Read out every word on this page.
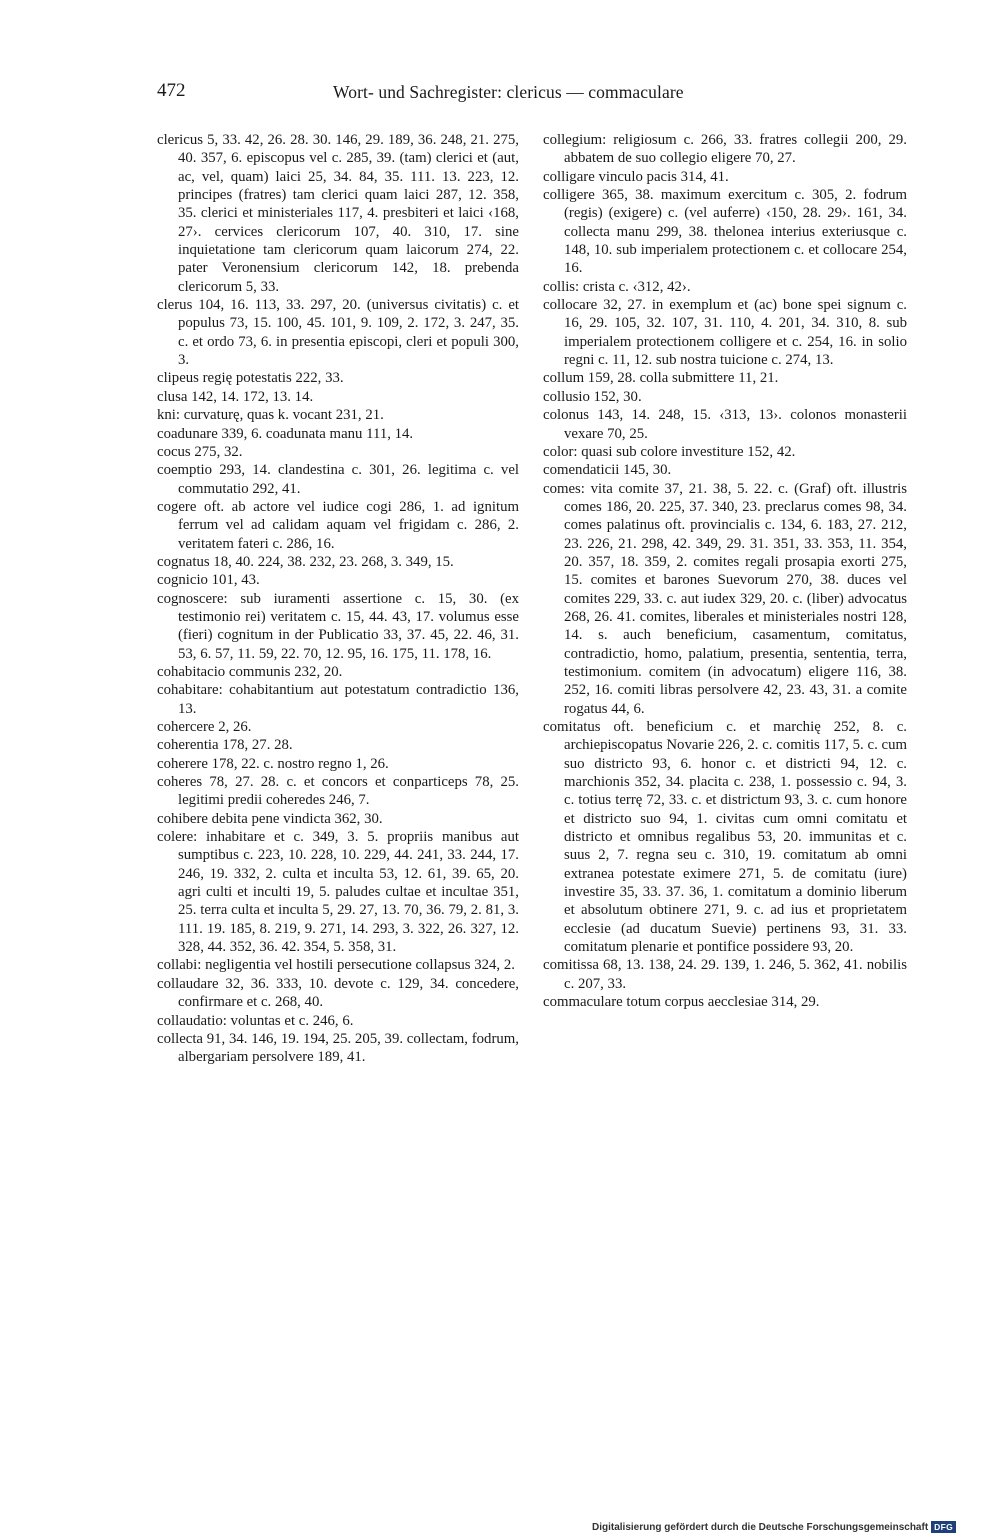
472	Wort- und Sachregister: clericus — commaculare

clericus 5, 33. 42, 26. 28. 30. 146, 29. 189, 36. 248, 21. 275, 40. 357, 6. episcopus vel c. 285, 39. (tam) clerici et (aut, ac, vel, quam) laici 25, 34. 84, 35. 111. 13. 223, 12. principes (fratres) tam clerici quam laici 287, 12. 358, 35. clerici et ministeriales 117, 4. presbiteri et laici ‹168, 27›. cervices clericorum 107, 40. 310, 17. sine inquietatione tam clericorum quam laicorum 274, 22. pater Veronensium clericorum 142, 18. prebenda clericorum 5, 33.

clerus 104, 16. 113, 33. 297, 20. (universus civitatis) c. et populus 73, 15. 100, 45. 101, 9. 109, 2. 172, 3. 247, 35. c. et ordo 73, 6. in presentia episcopi, cleri et populi 300, 3.

clipeus regię potestatis 222, 33.

clusa 142, 14. 172, 13. 14.

kni: curvaturę, quas k. vocant 231, 21.

coadunare 339, 6. coadunata manu 111, 14.

cocus 275, 32.

coemptio 293, 14. clandestina c. 301, 26. legitima c. vel commutatio 292, 41.

cogere oft. ab actore vel iudice cogi 286, 1. ad ignitum ferrum vel ad calidam aquam vel frigidam c. 286, 2. veritatem fateri c. 286, 16.

cognatus 18, 40. 224, 38. 232, 23. 268, 3. 349, 15.

cognicio 101, 43.

cognoscere: sub iuramenti assertione c. 15, 30. (ex testimonio rei) veritatem c. 15, 44. 43, 17. volumus esse (fieri) cognitum in der Publicatio 33, 37. 45, 22. 46, 31. 53, 6. 57, 11. 59, 22. 70, 12. 95, 16. 175, 11. 178, 16.

cohabitacio communis 232, 20.

cohabitare: cohabitantium aut potestatum contradictio 136, 13.

cohercere 2, 26.

coherentia 178, 27. 28.

coherere 178, 22. c. nostro regno 1, 26.

coheres 78, 27. 28. c. et concors et conparticeps 78, 25. legitimi predii coheredes 246, 7.

cohibere debita pene vindicta 362, 30.

colere: inhabitare et c. 349, 3. 5. propriis manibus aut sumptibus c. 223, 10. 228, 10. 229, 44. 241, 33. 244, 17. 246, 19. 332, 2. culta et inculta 53, 12. 61, 39. 65, 20. agri culti et inculti 19, 5. paludes cultae et incultae 351, 25. terra culta et inculta 5, 29. 27, 13. 70, 36. 79, 2. 81, 3. 111. 19. 185, 8. 219, 9. 271, 14. 293, 3. 322, 26. 327, 12. 328, 44. 352, 36. 42. 354, 5. 358, 31.

collabi: negligentia vel hostili persecutione collapsus 324, 2.

collaudare 32, 36. 333, 10. devote c. 129, 34. concedere, confirmare et c. 268, 40.

collaudatio: voluntas et c. 246, 6.

collecta 91, 34. 146, 19. 194, 25. 205, 39. collectam, fodrum, albergariam persolvere 189, 41.

collegium: religiosum c. 266, 33. fratres collegii 200, 29. abbatem de suo collegio eligere 70, 27.

colligare vinculo pacis 314, 41.

colligere 365, 38. maximum exercitum c. 305, 2. fodrum (regis) (exigere) c. (vel auferre) ‹150, 28. 29›. 161, 34. collecta manu 299, 38. thelonea interius exteriusque c. 148, 10. sub imperialem protectionem c. et collocare 254, 16.

collis: crista c. ‹312, 42›.

collocare 32, 27. in exemplum et (ac) bone spei signum c. 16, 29. 105, 32. 107, 31. 110, 4. 201, 34. 310, 8. sub imperialem protectionem colligere et c. 254, 16. in solio regni c. 11, 12. sub nostra tuicione c. 274, 13.

collum 159, 28. colla submittere 11, 21.

collusio 152, 30.

colonus 143, 14. 248, 15. ‹313, 13›. colonos monasterii vexare 70, 25.

color: quasi sub colore investiture 152, 42.

comendaticii 145, 30.

comes: vita comite 37, 21. 38, 5. 22. c. (Graf) oft. illustris comes 186, 20. 225, 37. 340, 23. preclarus comes 98, 34. comes palatinus oft. provincialis c. 134, 6. 183, 27. 212, 23. 226, 21. 298, 42. 349, 29. 31. 351, 33. 353, 11. 354, 20. 357, 18. 359, 2. comites regali prosapia exorti 275, 15. comites et barones Suevorum 270, 38. duces vel comites 229, 33. c. aut iudex 329, 20. c. (liber) advocatus 268, 26. 41. comites, liberales et ministeriales nostri 128, 14. s. auch beneficium, casamentum, comitatus, contradictio, homo, palatium, presentia, sententia, terra, testimonium. comitem (in advocatum) eligere 116, 38. 252, 16. comiti libras persolvere 42, 23. 43, 31. a comite rogatus 44, 6.

comitatus oft. beneficium c. et marchię 252, 8. c. archiepiscopatus Novarie 226, 2. c. comitis 117, 5. c. cum suo districto 93, 6. honor c. et districti 94, 12. c. marchionis 352, 34. placita c. 238, 1. possessio c. 94, 3. c. totius terrę 72, 33. c. et districtum 93, 3. c. cum honore et districto suo 94, 1. civitas cum omni comitatu et districto et omnibus regalibus 53, 20. immunitas et c. suus 2, 7. regna seu c. 310, 19. comitatum ab omni extranea potestate eximere 271, 5. de comitatu (iure) investire 35, 33. 37. 36, 1. comitatum a dominio liberum et absolutum obtinere 271, 9. c. ad ius et proprietatem ecclesie (ad ducatum Suevie) pertinens 93, 31. 33. comitatum plenarie et pontifice possidere 93, 20.

comitissa 68, 13. 138, 24. 29. 139, 1. 246, 5. 362, 41. nobilis c. 207, 33.

commaculare totum corpus aecclesiae 314, 29.

Digitalisierung gefördert durch die Deutsche Forschungsgemeinschaft DFG
